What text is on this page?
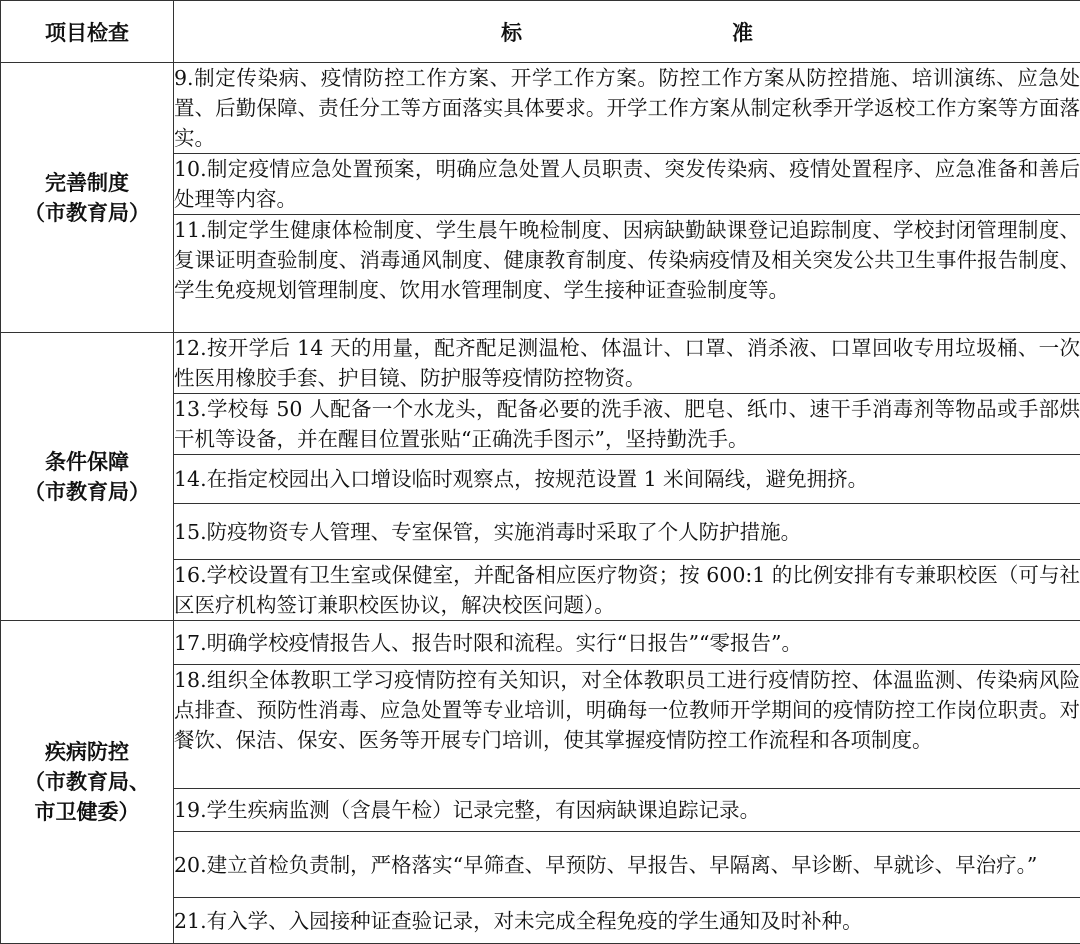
项目检查	标准

完善制度
（市教育局）	9.制定传染病、疫情防控工作方案、开学工作方案。防控工作方案从防控措施、培训演练、应急处置、后勤保障、责任分工等方面落实具体要求。开学工作方案从制定秋季开学返校工作方案等方面落实。
	10.制定疫情应急处置预案，明确应急处置人员职责、突发传染病、疫情处置程序、应急准备和善后处理等内容。
	11.制定学生健康体检制度、学生晨午晚检制度、因病缺勤缺课登记追踪制度、学校封闭管理制度、复课证明查验制度、消毒通风制度、健康教育制度、传染病疫情及相关突发公共卫生事件报告制度、学生免疫规划管理制度、饮用水管理制度、学生接种证查验制度等。

条件保障
（市教育局）	12.按开学后 14 天的用量，配齐配足测温枪、体温计、口罩、消杀液、口罩回收专用垃圾桶、一次性医用橡胶手套、护目镜、防护服等疫情防控物资。
	13.学校每 50 人配备一个水龙头，配备必要的洗手液、肥皂、纸巾、速干手消毒剂等物品或手部烘干机等设备，并在醒目位置张贴“正确洗手图示”，坚持勤洗手。
	14.在指定校园出入口增设临时观察点，按规范设置 1 米间隔线，避免拥挤。
	15.防疫物资专人管理、专室保管，实施消毒时采取了个人防护措施。
	16.学校设置有卫生室或保健室，并配备相应医疗物资；按 600:1 的比例安排有专兼职校医（可与社区医疗机构签订兼职校医协议，解决校医问题）。

疾病防控
（市教育局、
市卫健委）	17.明确学校疫情报告人、报告时限和流程。实行“日报告”“零报告”。
	18.组织全体教职工学习疫情防控有关知识，对全体教职员工进行疫情防控、体温监测、传染病风险点排查、预防性消毒、应急处置等专业培训，明确每一位教师开学期间的疫情防控工作岗位职责。对餐饮、保洁、保安、医务等开展专门培训，使其掌握疫情防控工作流程和各项制度。
	19.学生疾病监测（含晨午检）记录完整，有因病缺课追踪记录。
	20.建立首检负责制，严格落实“早筛查、早预防、早报告、早隔离、早诊断、早就诊、早治疗。”
	21.有入学、入园接种证查验记录，对未完成全程免疫的学生通知及时补种。
